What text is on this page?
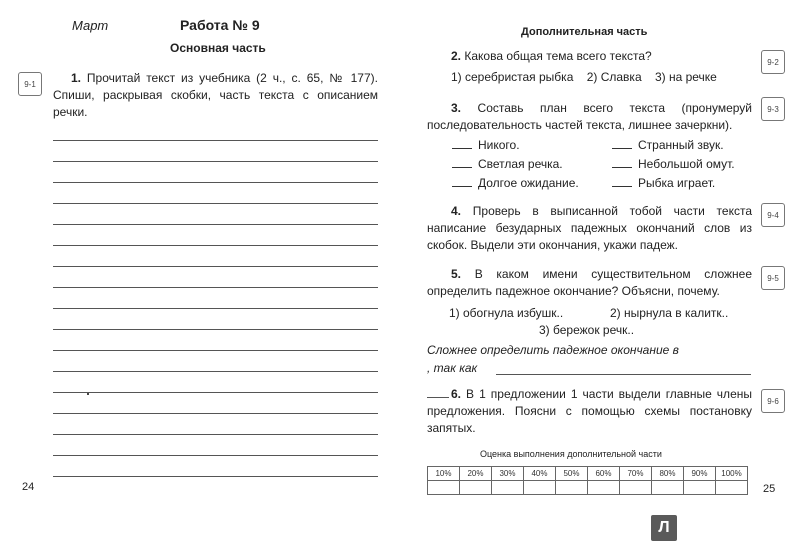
Март	Работа № 9
Основная часть
9-1	1. Прочитай текст из учебника (2 ч., с. 65, № 177). Спиши, раскрывая скобки, часть текста с описанием речки.
24
Дополнительная часть
2. Какова общая тема всего текста?
1) серебристая рыбка    2) Славка    3) на речке
9-2
3. Составь план всего текста (пронумеруй последовательность частей текста, лишнее зачеркни).
9-3
Никого.	Странный звук.
Светлая речка.	Небольшой омут.
Долгое ожидание.	Рыбка играет.
4. Проверь в выписанной тобой части текста написание безударных падежных окончаний слов из скобок. Выдели эти окончания, укажи падеж.
9-4
5. В каком имени существительном сложнее определить падежное окончание? Объясни, почему.
9-5
1) обогнула избушк..	2) нырнула в калитк..
3) бережок речк..
Сложнее определить падежное окончание в
, так как
6. В 1 предложении 1 части выдели главные члены предложения. Поясни с помощью схемы постановку запятых.
9-6
Оценка выполнения дополнительной части
10%	20%	30%	40%	50%	60%	70%	80%	90%	100%

25
Л
